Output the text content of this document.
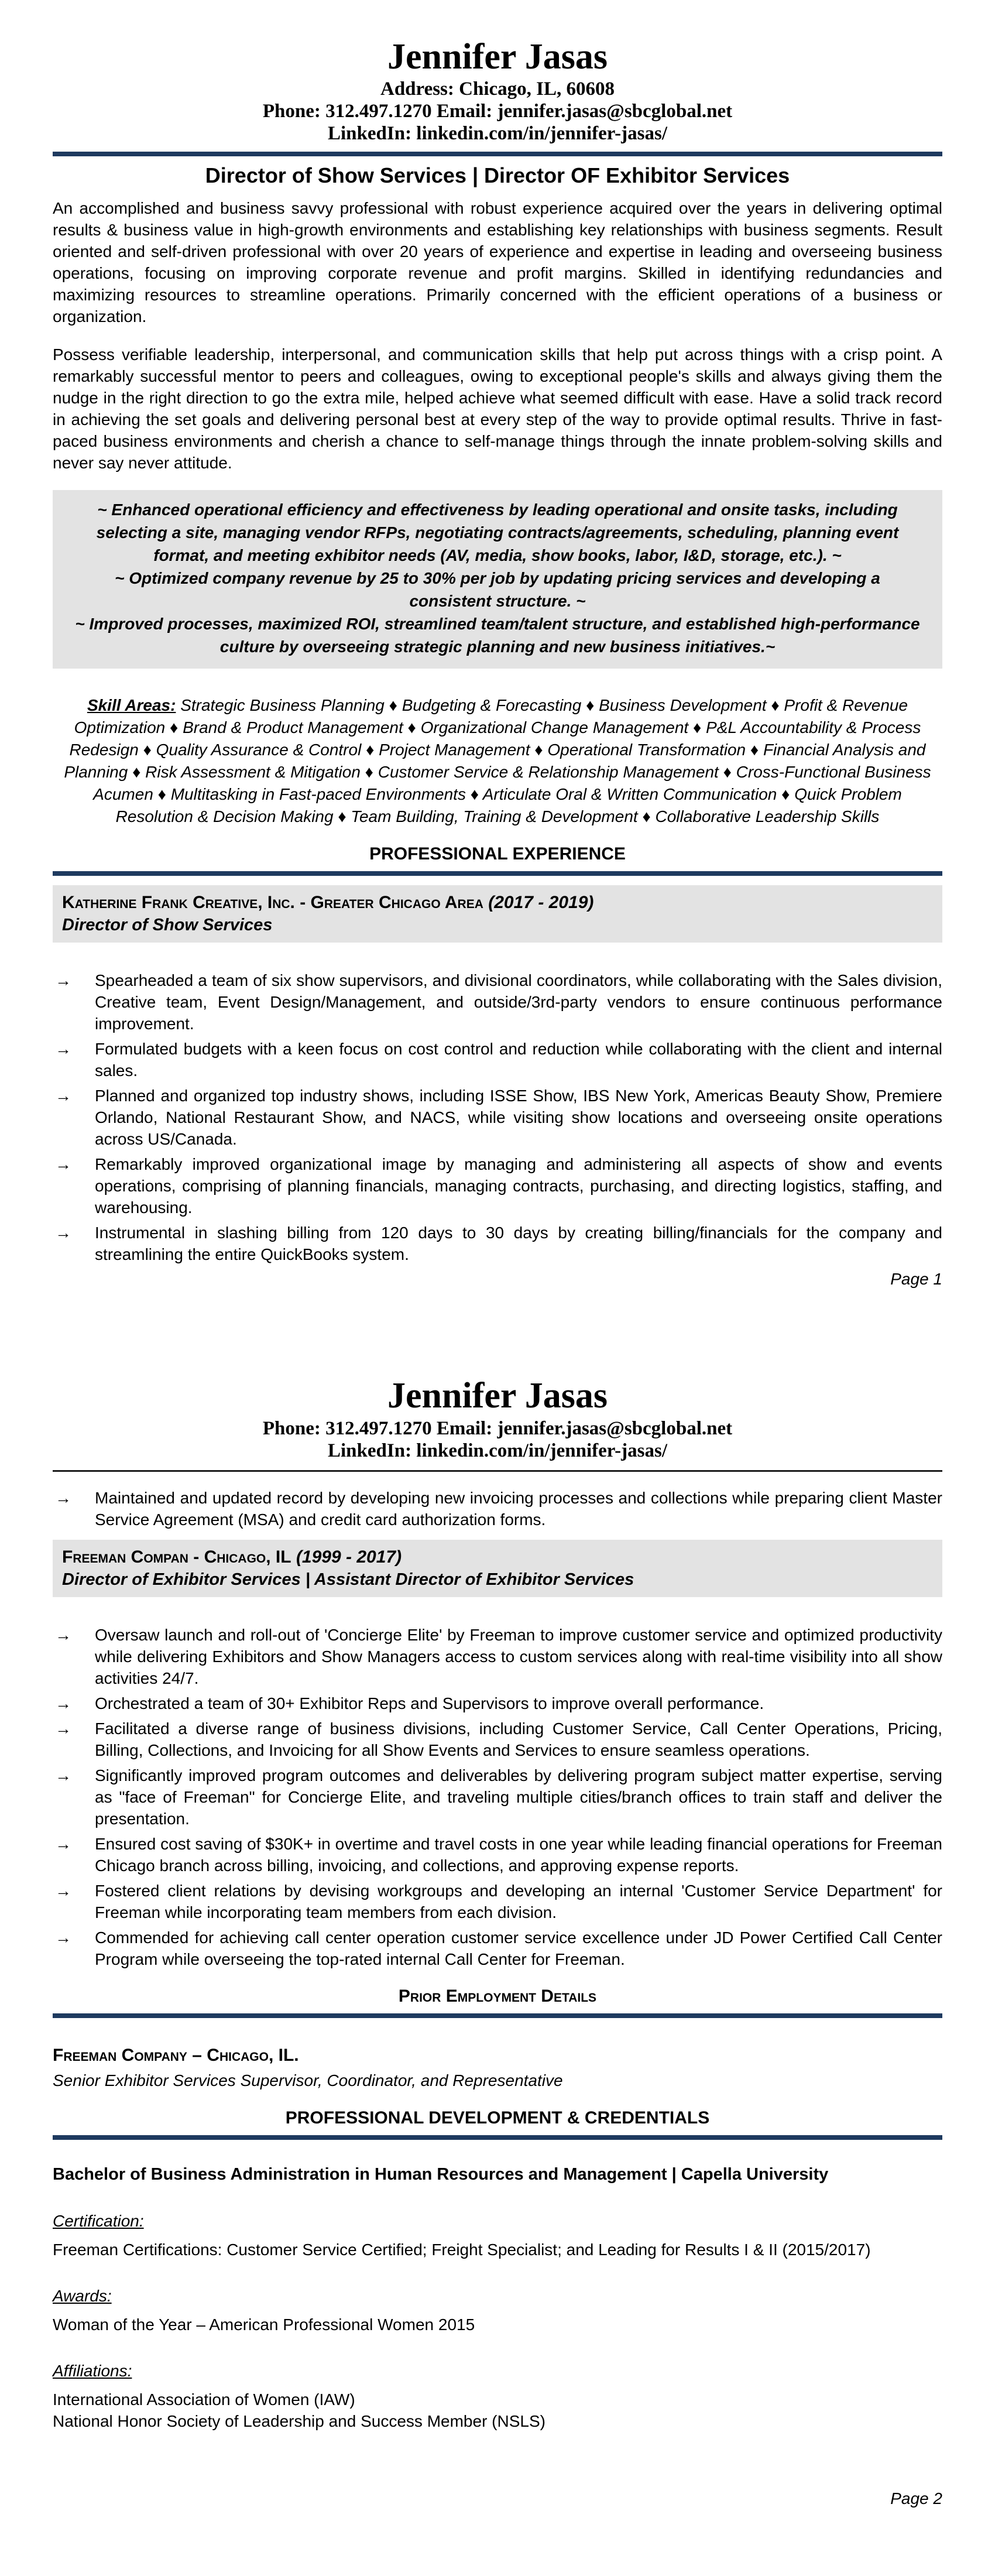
Jennifer Jasas
Address: Chicago, IL, 60608
Phone: 312.497.1270 Email: jennifer.jasas@sbcglobal.net
LinkedIn: linkedin.com/in/jennifer-jasas/
Director of Show Services | Director OF Exhibitor Services

An accomplished and business savvy professional with robust experience acquired over the years in delivering optimal results & business value in high-growth environments and establishing key relationships with business segments. Result oriented and self-driven professional with over 20 years of experience and expertise in leading and overseeing business operations, focusing on improving corporate revenue and profit margins. Skilled in identifying redundancies and maximizing resources to streamline operations. Primarily concerned with the efficient operations of a business or organization.

Possess verifiable leadership, interpersonal, and communication skills that help put across things with a crisp point. A remarkably successful mentor to peers and colleagues, owing to exceptional people's skills and always giving them the nudge in the right direction to go the extra mile, helped achieve what seemed difficult with ease. Have a solid track record in achieving the set goals and delivering personal best at every step of the way to provide optimal results. Thrive in fast-paced business environments and cherish a chance to self-manage things through the innate problem-solving skills and never say never attitude.

~ Enhanced operational efficiency and effectiveness by leading operational and onsite tasks, including selecting a site, managing vendor RFPs, negotiating contracts/agreements, scheduling, planning event format, and meeting exhibitor needs (AV, media, show books, labor, I&D, storage, etc.). ~

~ Optimized company revenue by 25 to 30% per job by updating pricing services and developing a consistent structure. ~

~ Improved processes, maximized ROI, streamlined team/talent structure, and established high-performance culture by overseeing strategic planning and new business initiatives.~

Skill Areas: Strategic Business Planning ♦ Budgeting & Forecasting ♦ Business Development ♦ Profit & Revenue Optimization ♦ Brand & Product Management ♦ Organizational Change Management ♦ P&L Accountability & Process Redesign ♦ Quality Assurance & Control ♦ Project Management ♦ Operational Transformation ♦ Financial Analysis and Planning ♦ Risk Assessment & Mitigation ♦ Customer Service & Relationship Management ♦ Cross-Functional Business Acumen ♦ Multitasking in Fast-paced Environments ♦ Articulate Oral & Written Communication ♦ Quick Problem Resolution & Decision Making ♦ Team Building, Training & Development ♦ Collaborative Leadership Skills
PROFESSIONAL EXPERIENCE
Katherine Frank Creative, Inc. - Greater Chicago Area (2017 - 2019)
Director of Show Services
→	Spearheaded a team of six show supervisors, and divisional coordinators, while collaborating with the Sales division, Creative team, Event Design/Management, and outside/3rd-party vendors to ensure continuous performance improvement.
→	Formulated budgets with a keen focus on cost control and reduction while collaborating with the client and internal sales.
→	Planned and organized top industry shows, including ISSE Show, IBS New York, Americas Beauty Show, Premiere Orlando, National Restaurant Show, and NACS, while visiting show locations and overseeing onsite operations across US/Canada.
→	Remarkably improved organizational image by managing and administering all aspects of show and events operations, comprising of planning financials, managing contracts, purchasing, and directing logistics, staffing, and warehousing.
→	Instrumental in slashing billing from 120 days to 30 days by creating billing/financials for the company and streamlining the entire QuickBooks system.
Page 1
Jennifer Jasas
Phone: 312.497.1270 Email: jennifer.jasas@sbcglobal.net
LinkedIn: linkedin.com/in/jennifer-jasas/
→	Maintained and updated record by developing new invoicing processes and collections while preparing client Master Service Agreement (MSA) and credit card authorization forms.
Freeman Compan - Chicago, IL (1999 - 2017)
Director of Exhibitor Services | Assistant Director of Exhibitor Services
→	Oversaw launch and roll-out of 'Concierge Elite' by Freeman to improve customer service and optimized productivity while delivering Exhibitors and Show Managers access to custom services along with real-time visibility into all show activities 24/7.
→	Orchestrated a team of 30+ Exhibitor Reps and Supervisors to improve overall performance.
→	Facilitated a diverse range of business divisions, including Customer Service, Call Center Operations, Pricing, Billing, Collections, and Invoicing for all Show Events and Services to ensure seamless operations.
→	Significantly improved program outcomes and deliverables by delivering program subject matter expertise, serving as "face of Freeman" for Concierge Elite, and traveling multiple cities/branch offices to train staff and deliver the presentation.
→	Ensured cost saving of $30K+ in overtime and travel costs in one year while leading financial operations for Freeman Chicago branch across billing, invoicing, and collections, and approving expense reports.
→	Fostered client relations by devising workgroups and developing an internal 'Customer Service Department' for Freeman while incorporating team members from each division.
→	Commended for achieving call center operation customer service excellence under JD Power Certified Call Center Program while overseeing the top-rated internal Call Center for Freeman.
Prior Employment Details
Freeman Company – Chicago, IL.
Senior Exhibitor Services Supervisor, Coordinator, and Representative
PROFESSIONAL DEVELOPMENT & CREDENTIALS
Bachelor of Business Administration in Human Resources and Management | Capella University
Certification:
Freeman Certifications: Customer Service Certified; Freight Specialist; and Leading for Results I & II (2015/2017)
Awards:
Woman of the Year – American Professional Women 2015
Affiliations:
International Association of Women (IAW)
National Honor Society of Leadership and Success Member (NSLS)
Page 2
